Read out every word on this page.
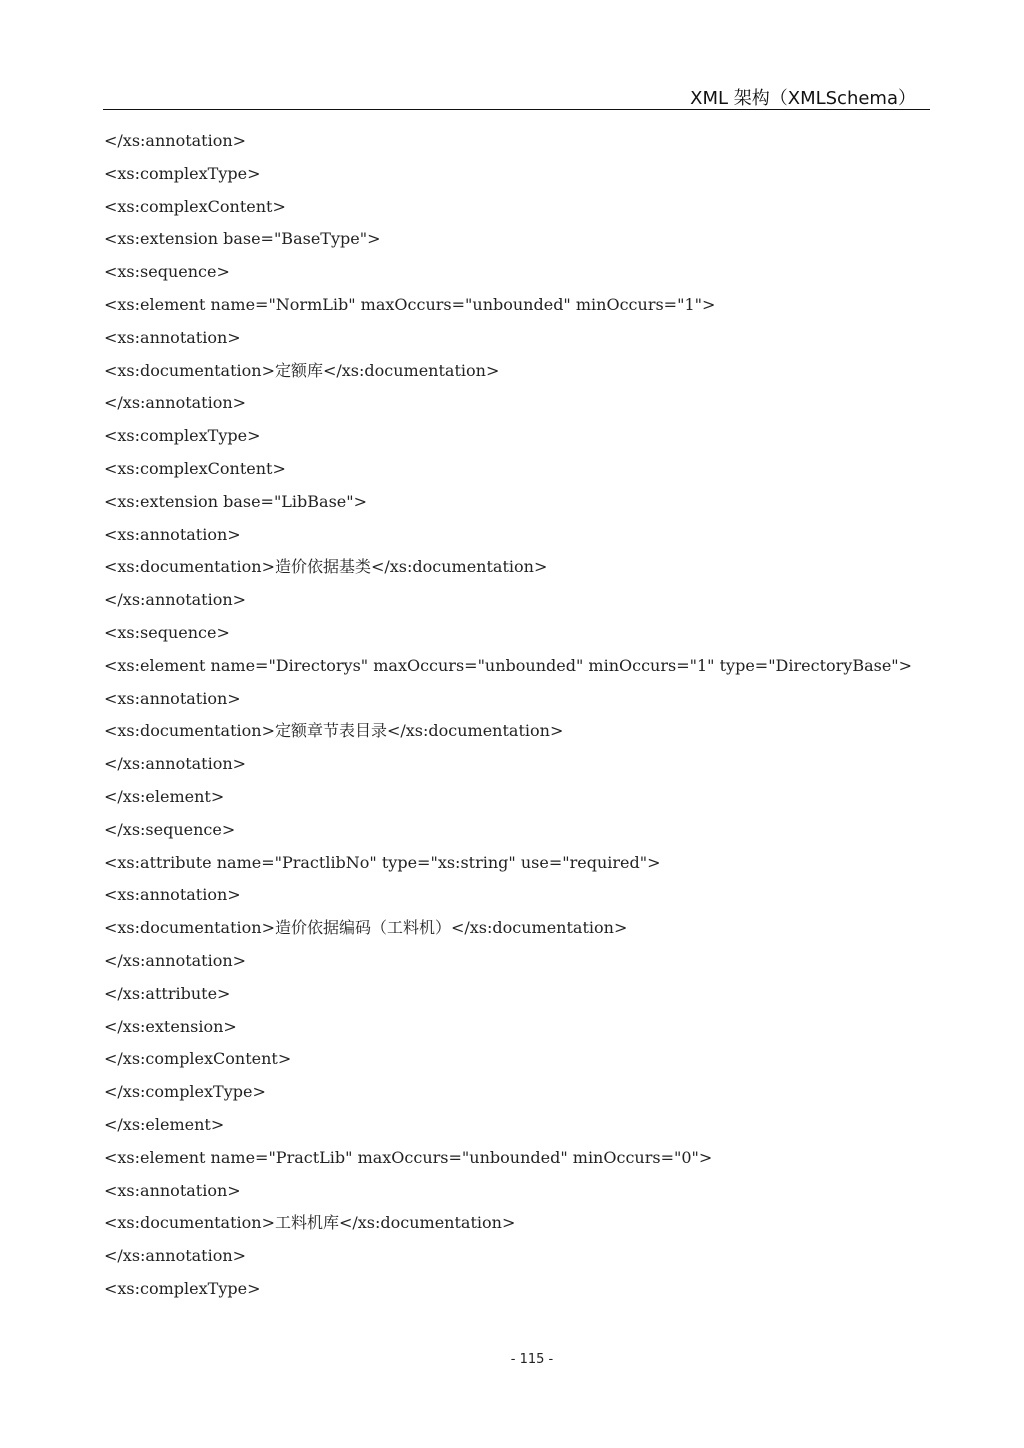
XML 架构（XMLSchema）
</xs:annotation>
<xs:complexType>
<xs:complexContent>
<xs:extension base="BaseType">
<xs:sequence>
<xs:element name="NormLib" maxOccurs="unbounded" minOccurs="1">
<xs:annotation>
<xs:documentation>定额库</xs:documentation>
</xs:annotation>
<xs:complexType>
<xs:complexContent>
<xs:extension base="LibBase">
<xs:annotation>
<xs:documentation>造价依据基类</xs:documentation>
</xs:annotation>
<xs:sequence>
<xs:element name="Directorys" maxOccurs="unbounded" minOccurs="1" type="DirectoryBase">
<xs:annotation>
<xs:documentation>定额章节表目录</xs:documentation>
</xs:annotation>
</xs:element>
</xs:sequence>
<xs:attribute name="PractlibNo" type="xs:string" use="required">
<xs:annotation>
<xs:documentation>造价依据编码（工料机）</xs:documentation>
</xs:annotation>
</xs:attribute>
</xs:extension>
</xs:complexContent>
</xs:complexType>
</xs:element>
<xs:element name="PractLib" maxOccurs="unbounded" minOccurs="0">
<xs:annotation>
<xs:documentation>工料机库</xs:documentation>
</xs:annotation>
<xs:complexType>
- 115 -
